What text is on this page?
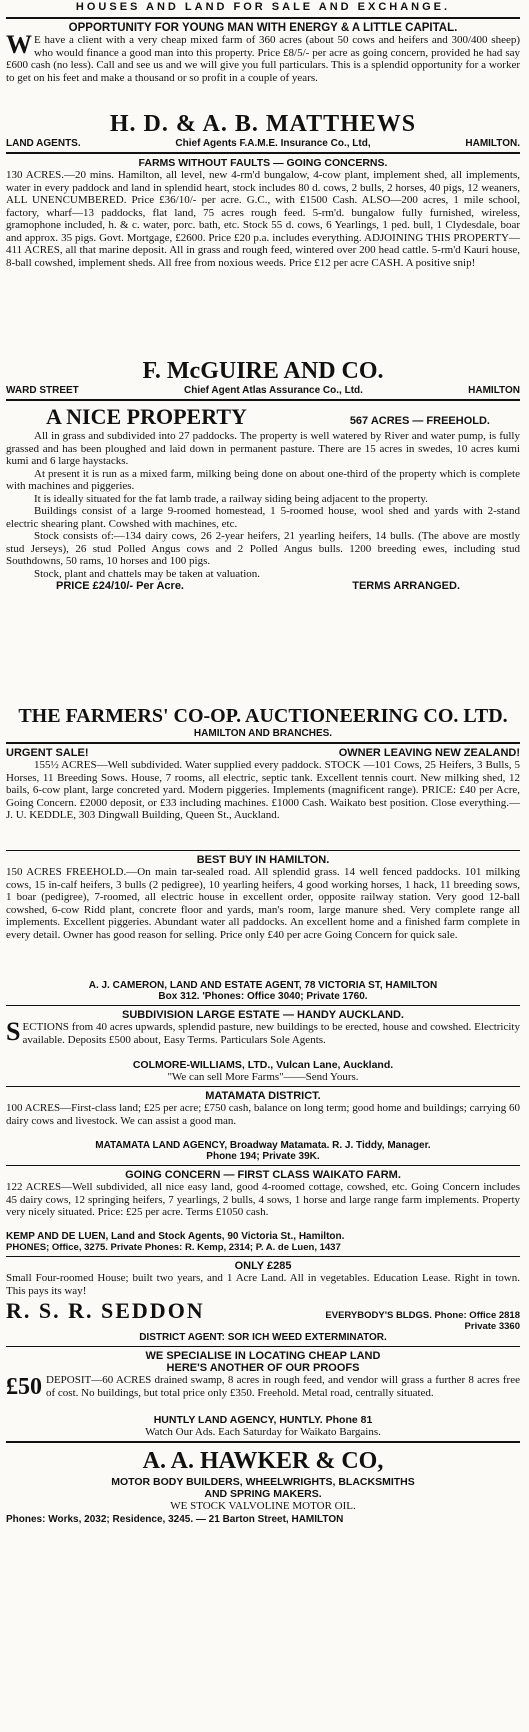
HOUSES AND LAND FOR SALE AND EXCHANGE.
OPPORTUNITY FOR YOUNG MAN WITH ENERGY & A LITTLE CAPITAL.

W E have a client with a very cheap mixed farm of 360 acres (about 50 cows and heifers and 300/400 sheep) who would finance a good man into this property. Price £8/5/- per acre as going concern, provided he had say £600 cash (no less). Call and see us and we will give you full particulars. This is a splendid opportunity for a worker to get on his feet and make a thousand or so profit in a couple of years.

H. D. & A. B. MATTHEWS
LAND AGENTS.	Chief Agents F.A.M.E. Insurance Co., Ltd,	HAMILTON.
FARMS WITHOUT FAULTS — GOING CONCERNS.

130 ACRES.—20 mins. Hamilton, all level, new 4-rm'd bungalow, 4-cow plant, implement shed, all implements, water in every paddock and land in splendid heart, stock includes 80 d. cows, 2 bulls, 2 horses, 40 pigs, 12 weaners, ALL UNENCUMBERED. Price £36/10/- per acre. G.C., with £1500 Cash. ALSO—200 acres, 1 mile school, factory, wharf—13 paddocks, flat land, 75 acres rough feed. 5-rm'd. bungalow fully furnished, wireless, gramophone included, h. & c. water, porc. bath, etc. Stock 55 d. cows, 6 Yearlings, 1 ped. bull, 1 Clydesdale, boar and approx. 35 pigs. Govt. Mortgage, £2600. Price £20 p.a. includes everything. ADJOINING THIS PROPERTY—411 ACRES, all that marine deposit. All in grass and rough feed, wintered over 200 head cattle. 5-rm'd Kauri house, 8-ball cowshed, implement sheds. All free from noxious weeds. Price £12 per acre CASH. A positive snip!

F. McGUIRE AND CO.
WARD STREET	Chief Agent Atlas Assurance Co., Ltd.	HAMILTON
A NICE PROPERTY	567 ACRES — FREEHOLD.

All in grass and subdivided into 27 paddocks. The property is well watered by River and water pump, is fully grassed and has been ploughed and laid down in permanent pasture. There are 15 acres in swedes, 10 acres kumi kumi and 6 large haystacks.

At present it is run as a mixed farm, milking being done on about one-third of the property which is complete with machines and piggeries.

It is ideally situated for the fat lamb trade, a railway siding being adjacent to the property.

Buildings consist of a large 9-roomed homestead, 1 5-roomed house, wool shed and yards with 2-stand electric shearing plant. Cowshed with machines, etc.

Stock consists of:—134 dairy cows, 26 2-year heifers, 21 yearling heifers, 14 bulls. (The above are mostly stud Jerseys), 26 stud Polled Angus cows and 2 Polled Angus bulls. 1200 breeding ewes, including stud Southdowns, 50 rams, 10 horses and 100 pigs.

Stock, plant and chattels may be taken at valuation.

PRICE £24/10/- Per Acre.	TERMS ARRANGED.
THE FARMERS' CO-OP. AUCTIONEERING CO. LTD.
HAMILTON AND BRANCHES.
URGENT SALE!	OWNER LEAVING NEW ZEALAND!

155½ ACRES—Well subdivided. Water supplied every paddock. STOCK —101 Cows, 25 Heifers, 3 Bulls, 5 Horses, 11 Breeding Sows. House, 7 rooms, all electric, septic tank. Excellent tennis court. New milking shed, 12 bails, 6-cow plant, large concreted yard. Modern piggeries. Implements (magnificent range). PRICE: £40 per Acre, Going Concern. £2000 deposit, or £33 including machines. £1000 Cash. Waikato best position. Close everything.—J. U. KEDDLE, 303 Dingwall Building, Queen St., Auckland.

BEST BUY IN HAMILTON.

150 ACRES FREEHOLD.—On main tar-sealed road. All splendid grass. 14 well fenced paddocks. 101 milking cows, 15 in-calf heifers, 3 bulls (2 pedigree), 10 yearling heifers, 4 good working horses, 1 hack, 11 breeding sows, 1 boar (pedigree), 7-roomed, all electric house in excellent order, opposite railway station. Very good 12-ball cowshed, 6-cow Ridd plant, concrete floor and yards, man's room, large manure shed. Very complete range all implements. Excellent piggeries. Abundant water all paddocks. An excellent home and a finished farm complete in every detail. Owner has good reason for selling. Price only £40 per acre Going Concern for quick sale.

A. J. CAMERON, LAND AND ESTATE AGENT, 78 VICTORIA ST, HAMILTON
Box 312. 'Phones: Office 3040; Private 1760.
SUBDIVISION LARGE ESTATE — HANDY AUCKLAND.

SECTIONS from 40 acres upwards, splendid pasture, new buildings to be erected, house and cowshed. Electricity available. Deposits £500 about, Easy Terms. Particulars Sole Agents.

COLMORE-WILLIAMS, LTD., Vulcan Lane, Auckland.
"We can sell More Farms"——Send Yours.
MATAMATA DISTRICT.

100 ACRES—First-class land; £25 per acre; £750 cash, balance on long term; good home and buildings; carrying 60 dairy cows and livestock. We can assist a good man.

MATAMATA LAND AGENCY, Broadway Matamata. R. J. Tiddy, Manager.
Phone 194; Private 39K.
GOING CONCERN — FIRST CLASS WAIKATO FARM.

122 ACRES—Well subdivided, all nice easy land, good 4-roomed cottage, cowshed, etc. Going Concern includes 45 dairy cows, 12 springing heifers, 7 yearlings, 2 bulls, 4 sows, 1 horse and large range farm implements. Property very nicely situated. Price: £25 per acre. Terms £1050 cash.

KEMP AND DE LUEN, Land and Stock Agents, 90 Victoria St., Hamilton.
PHONES; Office, 3275. Private Phones: R. Kemp, 2314; P. A. de Luen, 1437
ONLY £285

Small Four-roomed House; built two years, and 1 Acre Land. All in vegetables. Education Lease. Right in town. This pays its way!

R. S. R. SEDDON	EVERYBODY'S BLDGS. Phone: Office 2818
Private 3360
DISTRICT AGENT: SOR ICH WEED EXTERMINATOR.
WE SPECIALISE IN LOCATING CHEAP LAND
HERE'S ANOTHER OF OUR PROOFS

£50 DEPOSIT—60 ACRES drained swamp, 8 acres in rough feed, and vendor will grass a further 8 acres free of cost. No buildings, but total price only £350. Freehold. Metal road, centrally situated.

HUNTLY LAND AGENCY, HUNTLY. Phone 81
Watch Our Ads. Each Saturday for Waikato Bargains.
A. A. HAWKER & CO,
MOTOR BODY BUILDERS, WHEELWRIGHTS, BLACKSMITHS
AND SPRING MAKERS.
WE STOCK VALVOLINE MOTOR OIL.
Phones: Works, 2032; Residence, 3245. — 21 Barton Street, HAMILTON
